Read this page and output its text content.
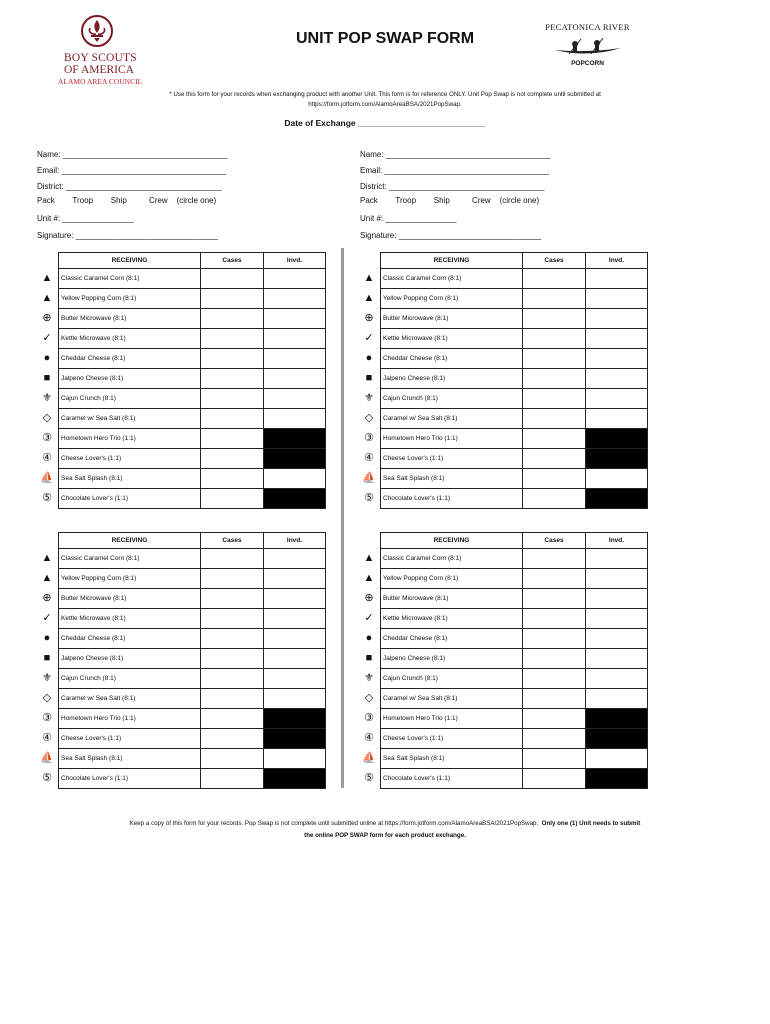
BOY SCOUTS
OF AMERICA
ALAMO AREA COUNCIL
UNIT POP SWAP FORM
PECATONICA RIVER
POPCORN
* Use this form for your records when exchanging product with another Unit. This form is for reference ONLY. Unit Pop Swap is not complete until submitted at
https://form.jotform.com/AlamoAreaBSA/2021PopSwap.
Date of Exchange ___________________________
Name: _____________________________________
Email: _____________________________________
District: ___________________________________
Pack        Troop        Ship          Crew    (circle one)
Unit #: ________________
Signature: ________________________________
Name: _____________________________________
Email: _____________________________________
District: ___________________________________
Pack        Troop        Ship          Crew    (circle one)
Unit #: ________________
Signature: ________________________________
	RECEIVING	Cases	Invd.
▲	Classic Caramel Corn (8:1)		
▲	Yellow Popping Corn (8:1)		
⊕	Butter Microwave (8:1)		
✓	Kettle Microwave (8:1)		
●	Cheddar Cheese (8:1)		
■	Jalpeno Cheese (8:1)		
⚜	Cajun Crunch (8:1)		
◇	Caramel w/ Sea Salt (8:1)		
③	Hometown Hero Trio (1:1)		
④	Cheese Lover's (1:1)		
⛵	Sea Salt Splash (8:1)		
⑤	Chocolate Lover's (1:1)		
	RECEIVING	Cases	Invd.
▲	Classic Caramel Corn (8:1)		
▲	Yellow Popping Corn (8:1)		
⊕	Butter Microwave (8:1)		
✓	Kettle Microwave (8:1)		
●	Cheddar Cheese (8:1)		
■	Jalpeno Cheese (8:1)		
⚜	Cajun Crunch (8:1)		
◇	Caramel w/ Sea Salt (8:1)		
③	Hometown Hero Trio (1:1)		
④	Cheese Lover's (1:1)		
⛵	Sea Salt Splash (8:1)		
⑤	Chocolate Lover's (1:1)		
	RECEIVING	Cases	Invd.
▲	Classic Caramel Corn (8:1)		
▲	Yellow Popping Corn (8:1)		
⊕	Butter Microwave (8:1)		
✓	Kettle Microwave (8:1)		
●	Cheddar Cheese (8:1)		
■	Jalpeno Cheese (8:1)		
⚜	Cajun Crunch (8:1)		
◇	Caramel w/ Sea Salt (8:1)		
③	Hometown Hero Trio (1:1)		
④	Cheese Lover's (1:1)		
⛵	Sea Salt Splash (8:1)		
⑤	Chocolate Lover's (1:1)		
	RECEIVING	Cases	Invd.
▲	Classic Caramel Corn (8:1)		
▲	Yellow Popping Corn (8:1)		
⊕	Butter Microwave (8:1)		
✓	Kettle Microwave (8:1)		
●	Cheddar Cheese (8:1)		
■	Jalpeno Cheese (8:1)		
⚜	Cajun Crunch (8:1)		
◇	Caramel w/ Sea Salt (8:1)		
③	Hometown Hero Trio (1:1)		
④	Cheese Lover's (1:1)		
⛵	Sea Salt Splash (8:1)		
⑤	Chocolate Lover's (1:1)		
Keep a copy of this form for your records. Pop Swap is not complete until submitted online at https://form.jotform.com/AlamoAreaBSA/2021PopSwap. Only one (1) Unit needs to submit
the online POP SWAP form for each product exchange.
